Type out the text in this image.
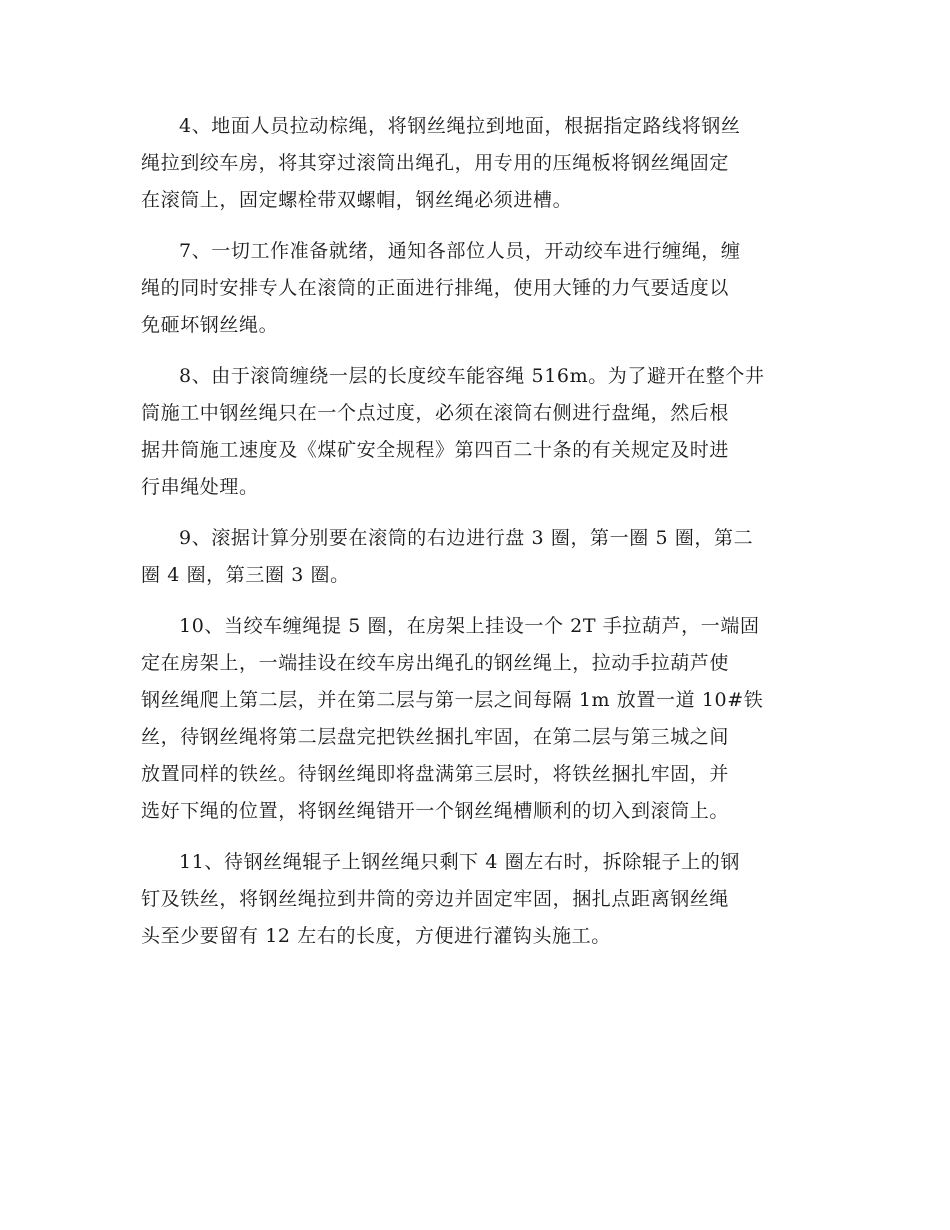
4、地面人员拉动棕绳，将钢丝绳拉到地面，根据指定路线将钢丝
绳拉到绞车房，将其穿过滚筒出绳孔，用专用的压绳板将钢丝绳固定
在滚筒上，固定螺栓带双螺帽，钢丝绳必须进槽。

7、一切工作准备就绪，通知各部位人员，开动绞车进行缠绳，缠
绳的同时安排专人在滚筒的正面进行排绳，使用大锤的力气要适度以
免砸坏钢丝绳。

8、由于滚筒缠绕一层的长度绞车能容绳 516m。为了避开在整个井
筒施工中钢丝绳只在一个点过度，必须在滚筒右侧进行盘绳，然后根
据井筒施工速度及《煤矿安全规程》第四百二十条的有关规定及时进
行串绳处理。

9、滚据计算分别要在滚筒的右边进行盘 3 圈，第一圈 5 圈，第二
圈 4 圈，第三圈 3 圈。

10、当绞车缠绳提 5 圈，在房架上挂设一个 2T 手拉葫芦，一端固
定在房架上，一端挂设在绞车房出绳孔的钢丝绳上，拉动手拉葫芦使
钢丝绳爬上第二层，并在第二层与第一层之间每隔 1m 放置一道 10#铁
丝，待钢丝绳将第二层盘完把铁丝捆扎牢固，在第二层与第三城之间
放置同样的铁丝。待钢丝绳即将盘满第三层时，将铁丝捆扎牢固，并
选好下绳的位置，将钢丝绳错开一个钢丝绳槽顺利的切入到滚筒上。

11、待钢丝绳辊子上钢丝绳只剩下 4 圈左右时，拆除辊子上的钢
钉及铁丝，将钢丝绳拉到井筒的旁边并固定牢固，捆扎点距离钢丝绳
头至少要留有 12 左右的长度，方便进行灌钩头施工。
